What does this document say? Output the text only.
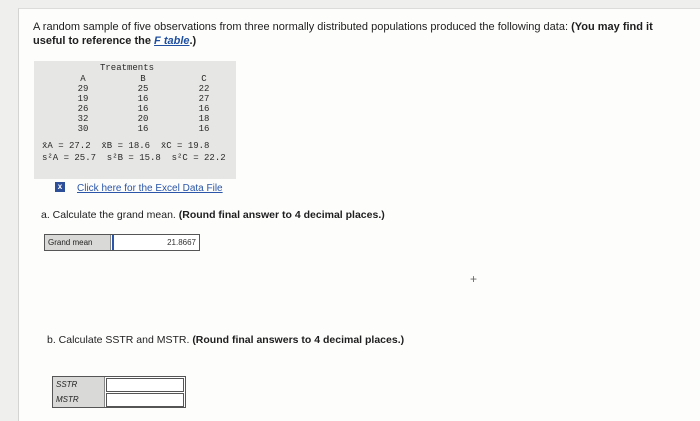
A random sample of five observations from three normally distributed populations produced the following data: (You may find it useful to reference the F table.)
Treatments
A	B	C
29	25	22
19	16	27
26	16	16
32	20	18
30	16	16
x̄A = 27.2  x̄B = 18.6  x̄C = 19.8
s²A = 25.7  s²B = 15.8  s²C = 22.2
x Click here for the Excel Data File
a. Calculate the grand mean. (Round final answer to 4 decimal places.)
Grand mean	21.8667
+
b. Calculate SSTR and MSTR. (Round final answers to 4 decimal places.)
SSTR
MSTR
